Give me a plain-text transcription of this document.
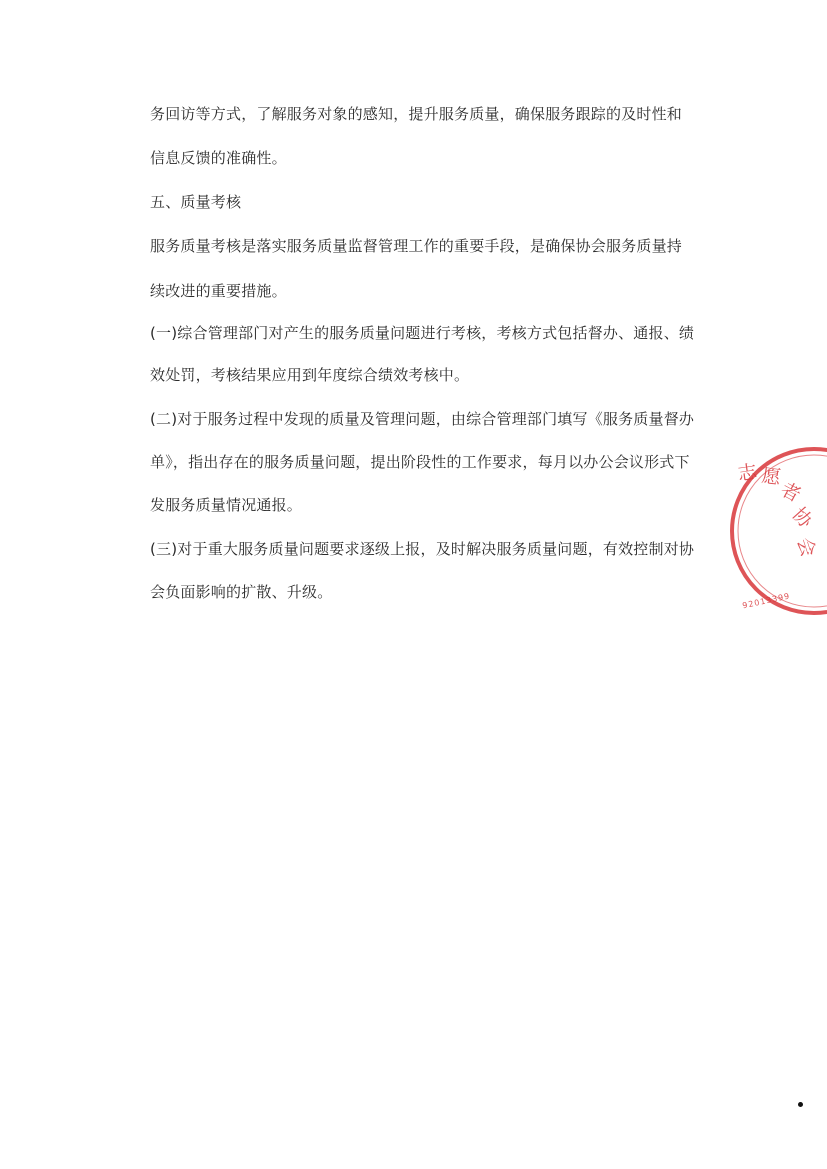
务回访等方式，了解服务对象的感知，提升服务质量，确保服务跟踪的及时性和
信息反馈的准确性。
五、质量考核
服务质量考核是落实服务质量监督管理工作的重要手段，是确保协会服务质量持
续改进的重要措施。
(一)综合管理部门对产生的服务质量问题进行考核，考核方式包括督办、通报、绩
效处罚，考核结果应用到年度综合绩效考核中。
(二)对于服务过程中发现的质量及管理问题，由综合管理部门填写《服务质量督办
单》，指出存在的服务质量问题，提出阶段性的工作要求，每月以办公会议形式下
发服务质量情况通报。
(三)对于重大服务质量问题要求逐级上报，及时解决服务质量问题，有效控制对协
会负面影响的扩散、升级。
志 愿
者
协
会
92013399
